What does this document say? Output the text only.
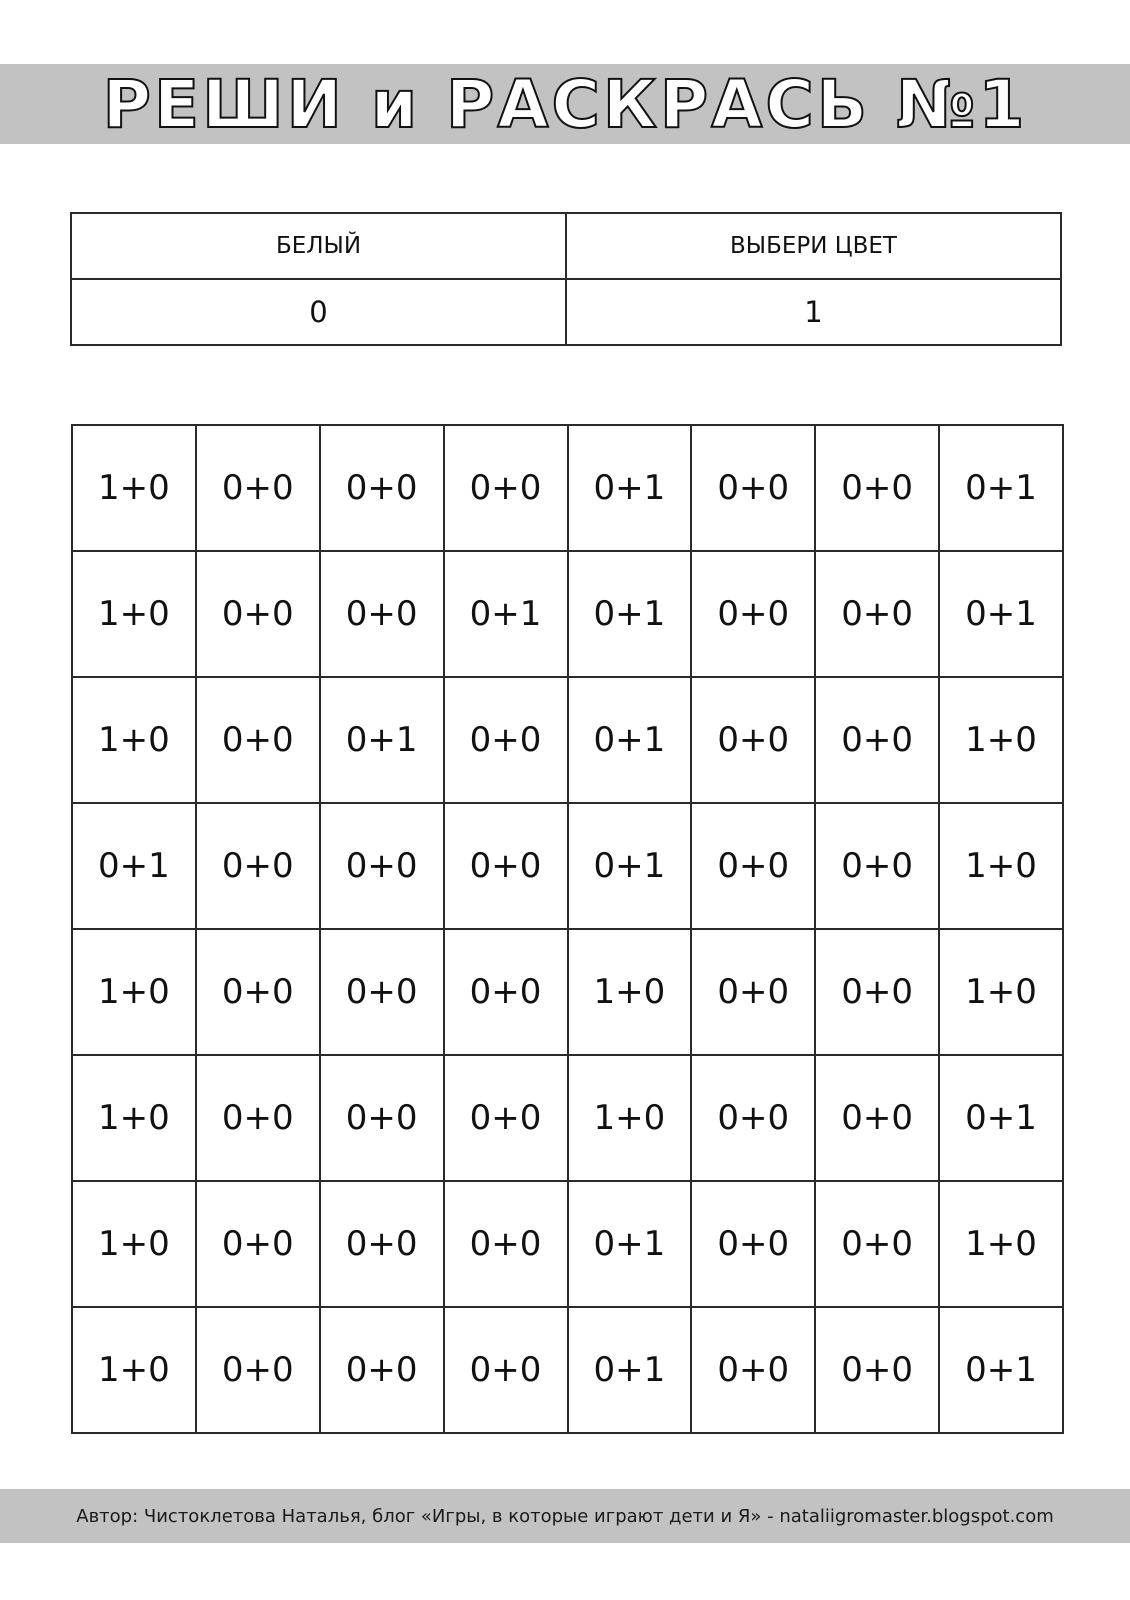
РЕШИ и РАСКРАСЬ №1
БЕЛЫЙ	ВЫБЕРИ ЦВЕТ
0	1
1+0	0+0	0+0	0+0	0+1	0+0	0+0	0+1
1+0	0+0	0+0	0+1	0+1	0+0	0+0	0+1
1+0	0+0	0+1	0+0	0+1	0+0	0+0	1+0
0+1	0+0	0+0	0+0	0+1	0+0	0+0	1+0
1+0	0+0	0+0	0+0	1+0	0+0	0+0	1+0
1+0	0+0	0+0	0+0	1+0	0+0	0+0	0+1
1+0	0+0	0+0	0+0	0+1	0+0	0+0	1+0
1+0	0+0	0+0	0+0	0+1	0+0	0+0	0+1
Автор: Чистоклетова Наталья, блог «Игры, в которые играют дети и Я» - nataliigromaster.blogspot.com
